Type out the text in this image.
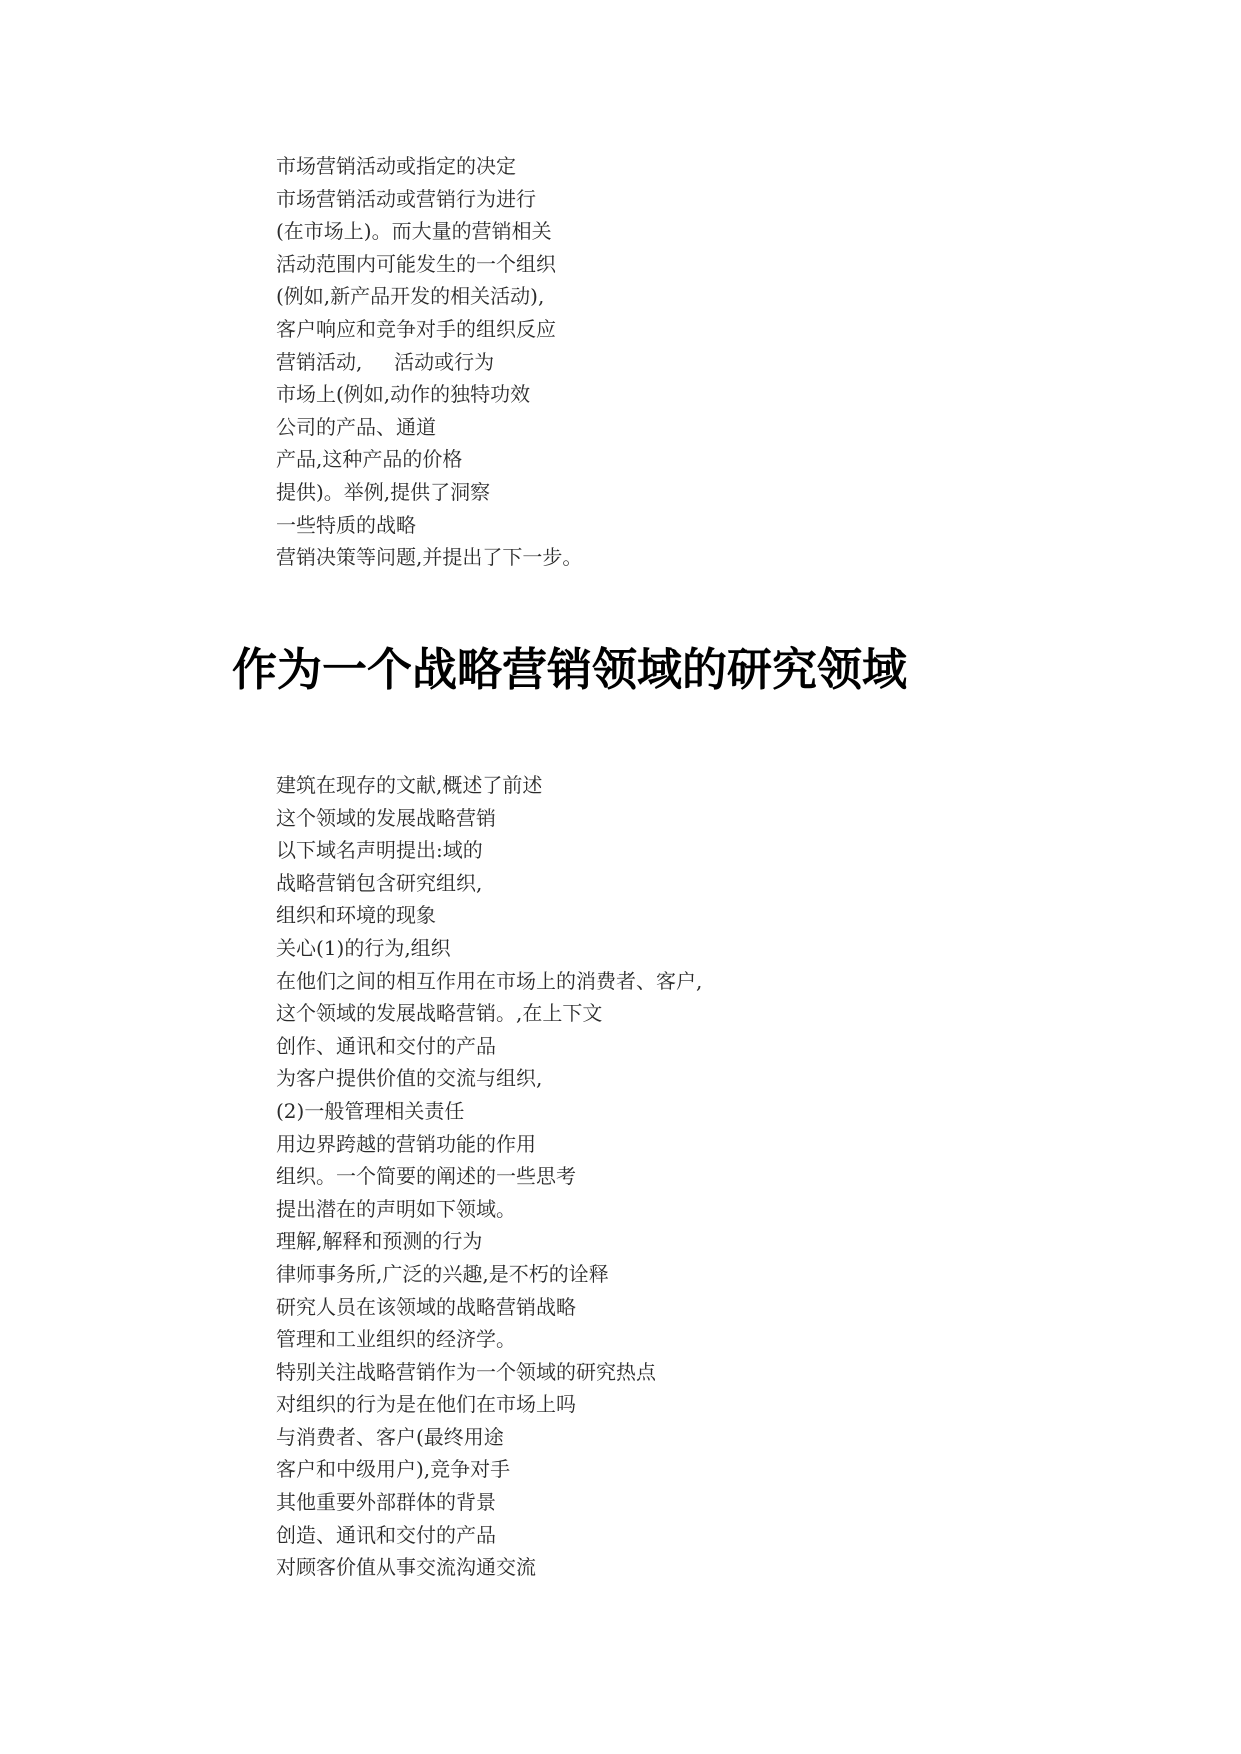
市场营销活动或指定的决定
市场营销活动或营销行为进行
(在市场上)。而大量的营销相关
活动范围内可能发生的一个组织
(例如,新产品开发的相关活动),
客户响应和竞争对手的组织反应
营销活动,     活动或行为
市场上(例如,动作的独特功效
公司的产品、通道
产品,这种产品的价格
提供)。举例,提供了洞察
一些特质的战略
营销决策等问题,并提出了下一步。
作为一个战略营销领域的研究领域
建筑在现存的文献,概述了前述
这个领域的发展战略营销
以下域名声明提出:域的
战略营销包含研究组织,
组织和环境的现象
关心(1)的行为,组织
在他们之间的相互作用在市场上的消费者、客户,
这个领域的发展战略营销。,在上下文
创作、通讯和交付的产品
为客户提供价值的交流与组织,
(2)一般管理相关责任
用边界跨越的营销功能的作用
组织。一个简要的阐述的一些思考
提出潜在的声明如下领域。
理解,解释和预测的行为
律师事务所,广泛的兴趣,是不朽的诠释
研究人员在该领域的战略营销战略
管理和工业组织的经济学。
特别关注战略营销作为一个领域的研究热点
对组织的行为是在他们在市场上吗
与消费者、客户(最终用途
客户和中级用户),竞争对手
其他重要外部群体的背景
创造、通讯和交付的产品
对顾客价值从事交流沟通交流
